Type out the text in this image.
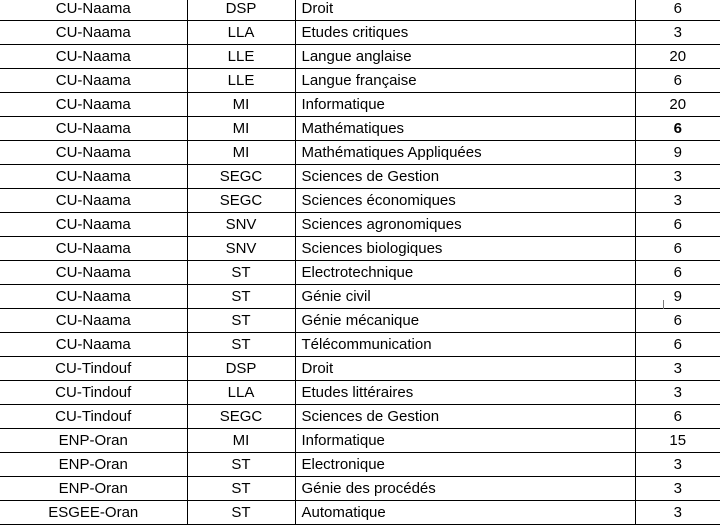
CU-Naama	DSP	Droit	6
CU-Naama	LLA	Etudes critiques	3
CU-Naama	LLE	Langue anglaise	20
CU-Naama	LLE	Langue française	6
CU-Naama	MI	Informatique	20
CU-Naama	MI	Mathématiques	6
CU-Naama	MI	Mathématiques Appliquées	9
CU-Naama	SEGC	Sciences de Gestion	3
CU-Naama	SEGC	Sciences économiques	3
CU-Naama	SNV	Sciences agronomiques	6
CU-Naama	SNV	Sciences biologiques	6
CU-Naama	ST	Electrotechnique	6
CU-Naama	ST	Génie civil	9
CU-Naama	ST	Génie mécanique	6
CU-Naama	ST	Télécommunication	6
CU-Tindouf	DSP	Droit	3
CU-Tindouf	LLA	Etudes littéraires	3
CU-Tindouf	SEGC	Sciences de Gestion	6
ENP-Oran	MI	Informatique	15
ENP-Oran	ST	Electronique	3
ENP-Oran	ST	Génie des procédés	3
ESGEE-Oran	ST	Automatique	3
